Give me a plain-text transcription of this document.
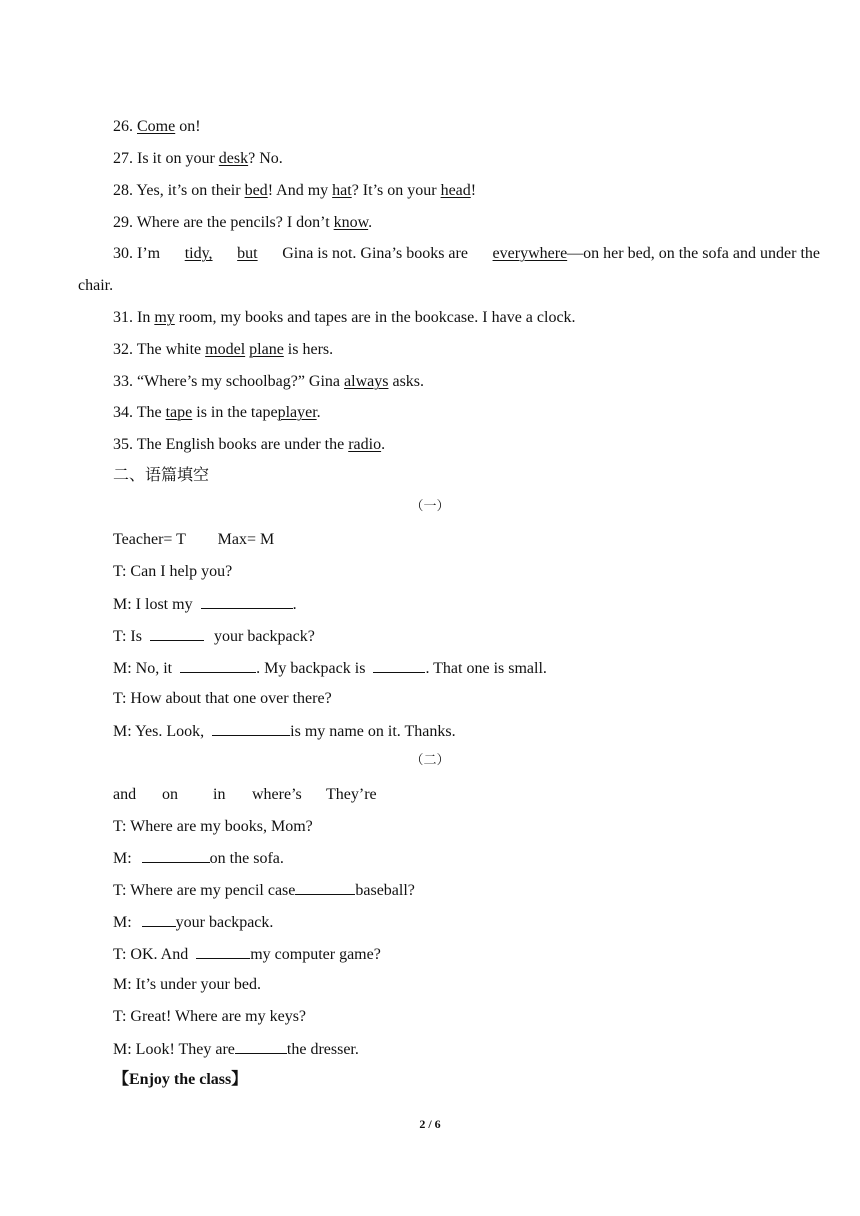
26. Come on!
27. Is it on your desk? No.
28. Yes, it’s on their bed! And my hat? It’s on your head!
29. Where are the pencils? I don’t know.
30. I’m tidy, but Gina is not. Gina’s books are everywhere—on her bed, on the sofa and under the
chair.
31. In my room, my books and tapes are in the bookcase. I have a clock.
32. The white model plane is hers.
33. “Where’s my schoolbag?” Gina always asks.
34. The tape is in the tapeplayer.
35. The English books are under the radio.
二、语篇填空
（一）
Teacher= T Max= M
T: Can I help you?
M: I lost my	.
T: Is	your backpack?
M: No, it	. My backpack is	. That one is small.
T: How about that one over there?
M: Yes. Look,	is my name on it. Thanks.
（二）
and on in where’s They’re
T: Where are my books, Mom?
M:	on the sofa.
T: Where are my pencil case	baseball?
M:	your backpack.
T: OK. And	my computer game?
M: It’s under your bed.
T: Great! Where are my keys?
M: Look! They are	the dresser.
【Enjoy the class】
2 / 6
